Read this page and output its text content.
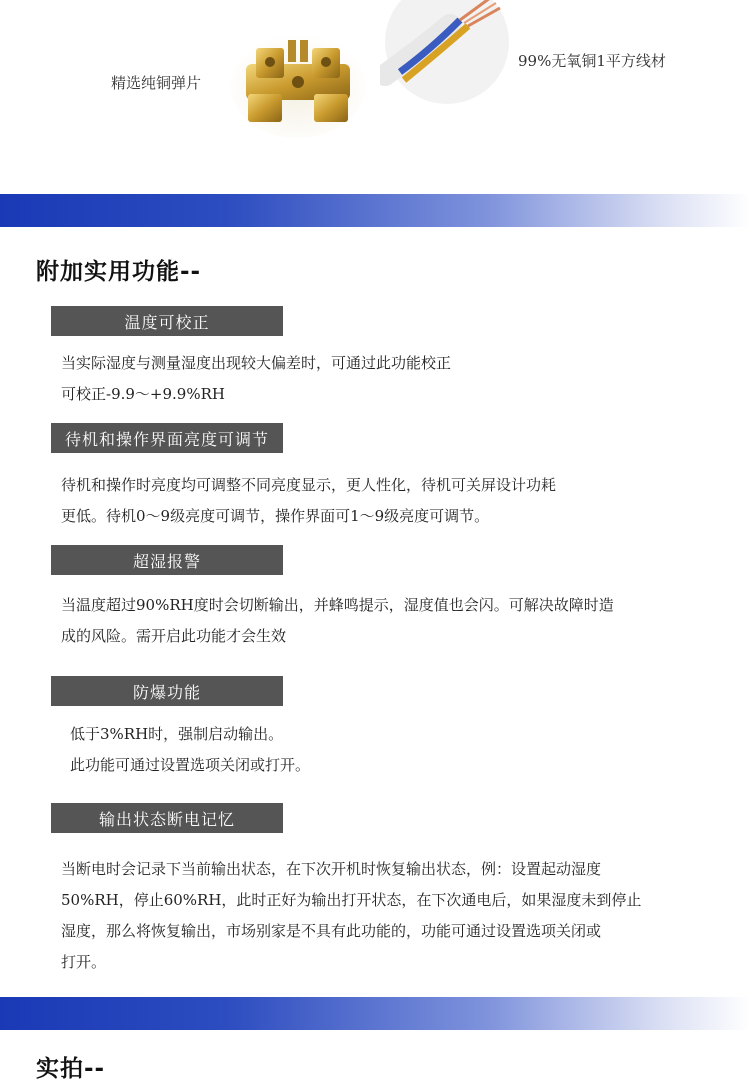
精选纯铜弹片
99%无氧铜1平方线材
附加实用功能--
温度可校正

当实际湿度与测量湿度出现较大偏差时，可通过此功能校正

可校正-9.9～+9.9%RH

待机和操作界面亮度可调节

待机和操作时亮度均可调整不同亮度显示，更人性化，待机可关屏设计功耗

更低。待机0～9级亮度可调节，操作界面可1～9级亮度可调节。

超湿报警

当温度超过90%RH度时会切断输出，并蜂鸣提示，湿度值也会闪。可解决故障时造

成的风险。需开启此功能才会生效

防爆功能

低于3%RH时，强制启动输出。

此功能可通过设置选项关闭或打开。

输出状态断电记忆

当断电时会记录下当前输出状态，在下次开机时恢复输出状态，例：设置起动湿度

50%RH，停止60%RH，此时正好为输出打开状态，在下次通电后，如果湿度未到停止

湿度，那么将恢复输出，市场别家是不具有此功能的，功能可通过设置选项关闭或

打开。

实拍--
